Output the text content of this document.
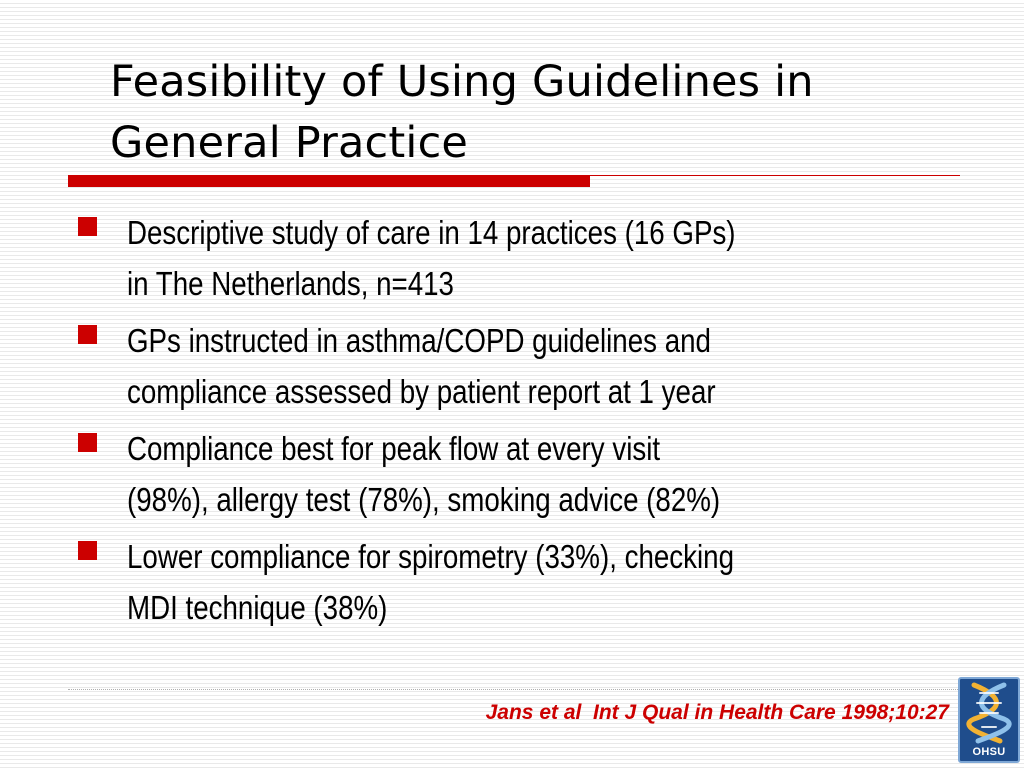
Feasibility of Using Guidelines in
General Practice
Descriptive study of care in 14 practices (16 GPs)
in The Netherlands, n=413
GPs instructed in asthma/COPD guidelines and
compliance assessed by patient report at 1 year
Compliance best for peak flow at every visit
(98%), allergy test (78%), smoking advice (82%)
Lower compliance for spirometry (33%), checking
MDI technique (38%)

Jans et al  Int J Qual in Health Care 1998;10:27

OHSU
